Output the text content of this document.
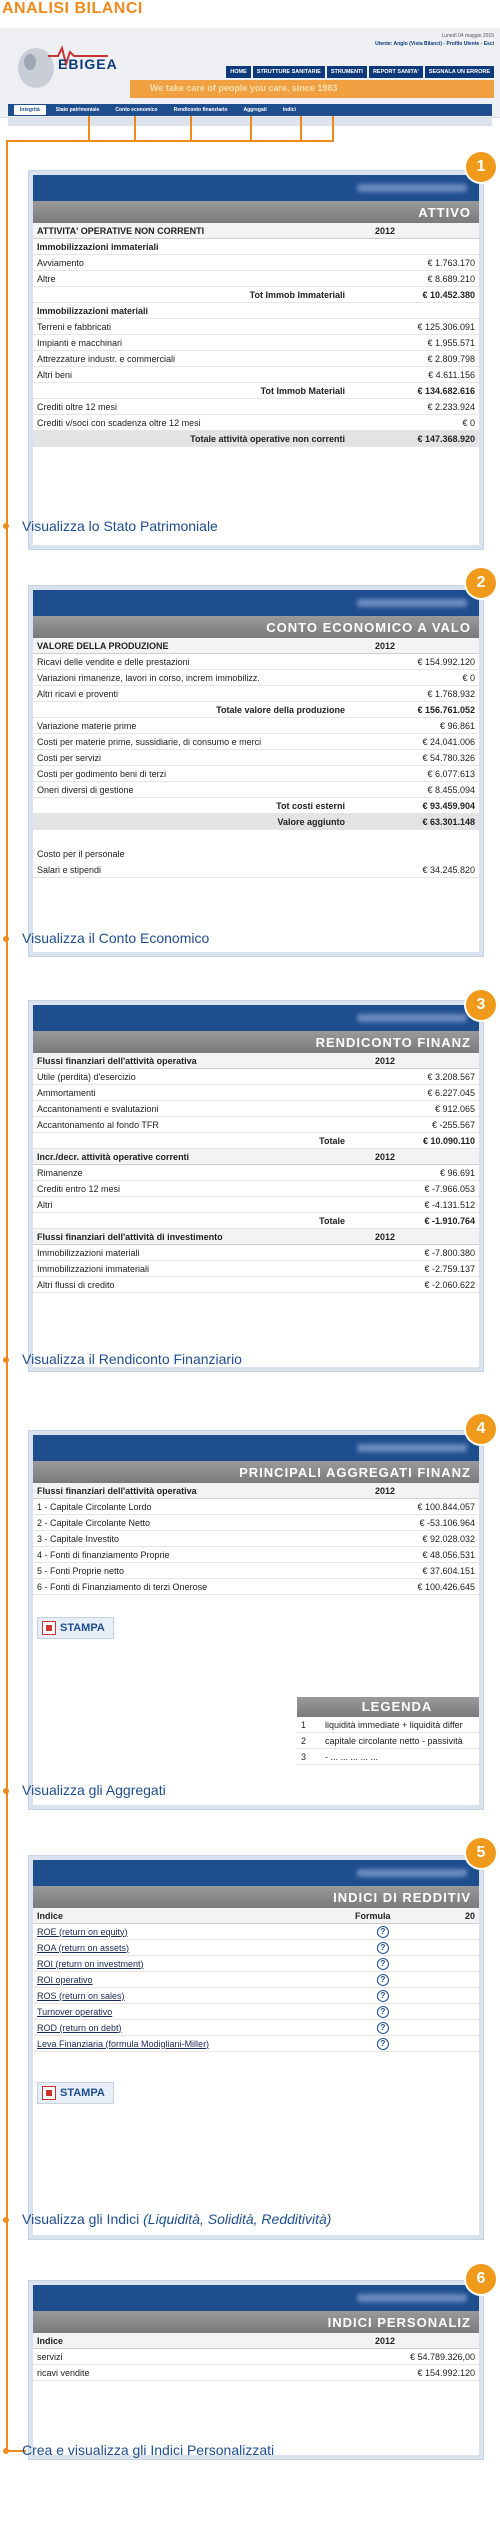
ANALISI BILANCI
EBIGEA
Lunedì 04 maggio 2015
Utente: Anglo (Vista Bilanci) - Profilo Utente - Esci
HOME	STRUTTURE SANITARIE	STRUMENTI	REPORT SANITA'	SEGNALA UN ERRORE
We take care of people you care, since 1983
Integrità	Stato patrimoniale	Conto economico	Rendiconto finanziario	Aggregati	Indici
ATTIVO
ATTIVITA' OPERATIVE NON CORRENTI	2012
Immobilizzazioni immateriali
Avviamento	€ 1.763.170
Altre	€ 8.689.210
Tot Immob Immateriali	€ 10.452.380
Immobilizzazioni materiali
Terreni e fabbricati	€ 125.306.091
Impianti e macchinari	€ 1.955.571
Attrezzature industr. e commerciali	€ 2.809.798
Altri beni	€ 4.611.156
Tot Immob Materiali	€ 134.682.616
Crediti oltre 12 mesi	€ 2.233.924
Crediti v/soci con scadenza oltre 12 mesi	€ 0
Totale attività operative non correnti	€ 147.368.920
Visualizza lo Stato Patrimoniale
1
CONTO ECONOMICO A VALO
VALORE DELLA PRODUZIONE	2012
Ricavi delle vendite e delle prestazioni	€ 154.992.120
Variazioni rimanenze, lavori in corso, increm immobilizz.	€ 0
Altri ricavi e proventi	€ 1.768.932
Totale valore della produzione	€ 156.761.052
Variazione materie prime	€ 96.861
Costi per materie prime, sussidiarie, di consumo e merci	€ 24.041.006
Costi per servizi	€ 54.780.326
Costi per godimento beni di terzi	€ 6.077.613
Oneri diversi di gestione	€ 8.455.094
Tot costi esterni	€ 93.459.904
Valore aggiunto	€ 63.301.148
Costo per il personale
Salari e stipendi	€ 34.245.820
Visualizza il Conto Economico
2
RENDICONTO FINANZ
Flussi finanziari dell'attività operativa	2012
Utile (perdita) d'esercizio	€ 3.208.567
Ammortamenti	€ 6.227.045
Accantonamenti e svalutazioni	€ 912.065
Accantonamento al fondo TFR	€ -255.567
Totale	€ 10.090.110
Incr./decr. attività operative correnti	2012
Rimanenze	€ 96.691
Crediti entro 12 mesi	€ -7.966.053
Altri	€ -4.131.512
Totale	€ -1.910.764
Flussi finanziari dell'attività di investimento	2012
Immobilizzazioni materiali	€ -7.800.380
Immobilizzazioni immateriali	€ -2.759.137
Altri flussi di credito	€ -2.060.622
Visualizza il Rendiconto Finanziario
3
PRINCIPALI AGGREGATI FINANZ
Flussi finanziari dell'attività operativa	2012
1 - Capitale Circolante Lordo	€ 100.844.057
2 - Capitale Circolante Netto	€ -53.106.964
3 - Capitale Investito	€ 92.028.032
4 - Fonti di finanziamento Proprie	€ 48.056.531
5 - Fonti Proprie netto	€ 37.604.151
6 - Fonti di Finanziamento di terzi Onerose	€ 100.426.645
STAMPA
LEGENDA
1	liquidità immediate + liquidità differ
2	capitale circolante netto - passività
3	- ... ... ... ... ...
Visualizza gli Aggregati
4
INDICI DI REDDITIV
Indice	Formula	20
ROE (return on equity)	?
ROA (return on assets)	?
ROI (return on investment)	?
ROI operativo	?
ROS (return on sales)	?
Turnover operativo	?
ROD (return on debt)	?
Leva Finanziaria (formula Modigliani-Miller)	?
STAMPA
Visualizza gli Indici (Liquidità, Solidità, Redditività)
5
INDICI PERSONALIZ
Indice	2012
servizi	€ 54.789.326,00
ricavi vendite	€ 154.992.120
Crea e visualizza gli Indici Personalizzati
6
